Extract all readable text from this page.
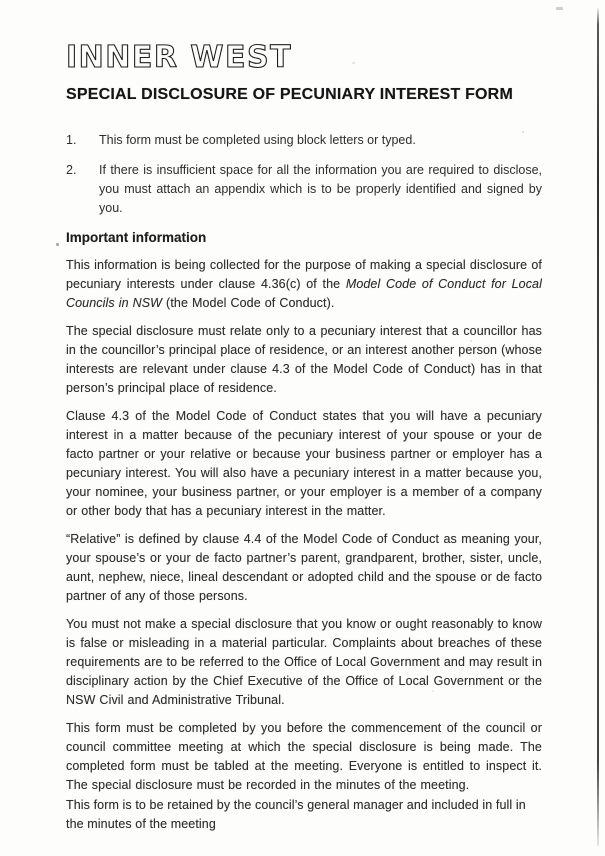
INNER WEST
SPECIAL DISCLOSURE OF PECUNIARY INTEREST FORM
1.	This form must be completed using block letters or typed.
2.	If there is insufficient space for all the information you are required to disclose, you must attach an appendix which is to be properly identified and signed by you.
Important information

This information is being collected for the purpose of making a special disclosure of pecuniary interests under clause 4.36(c) of the Model Code of Conduct for Local Councils in NSW (the Model Code of Conduct).

The special disclosure must relate only to a pecuniary interest that a councillor has in the councillor’s principal place of residence, or an interest another person (whose interests are relevant under clause 4.3 of the Model Code of Conduct) has in that person’s principal place of residence.

Clause 4.3 of the Model Code of Conduct states that you will have a pecuniary interest in a matter because of the pecuniary interest of your spouse or your de facto partner or your relative or because your business partner or employer has a pecuniary interest. You will also have a pecuniary interest in a matter because you, your nominee, your business partner, or your employer is a member of a company or other body that has a pecuniary interest in the matter.

“Relative” is defined by clause 4.4 of the Model Code of Conduct as meaning your, your spouse’s or your de facto partner’s parent, grandparent, brother, sister, uncle, aunt, nephew, niece, lineal descendant or adopted child and the spouse or de facto partner of any of those persons.

You must not make a special disclosure that you know or ought reasonably to know is false or misleading in a material particular. Complaints about breaches of these requirements are to be referred to the Office of Local Government and may result in disciplinary action by the Chief Executive of the Office of Local Government or the NSW Civil and Administrative Tribunal.

This form must be completed by you before the commencement of the council or council committee meeting at which the special disclosure is being made. The completed form must be tabled at the meeting. Everyone is entitled to inspect it. The special disclosure must be recorded in the minutes of the meeting.

This form is to be retained by the council’s general manager and included in full in the minutes of the meeting
